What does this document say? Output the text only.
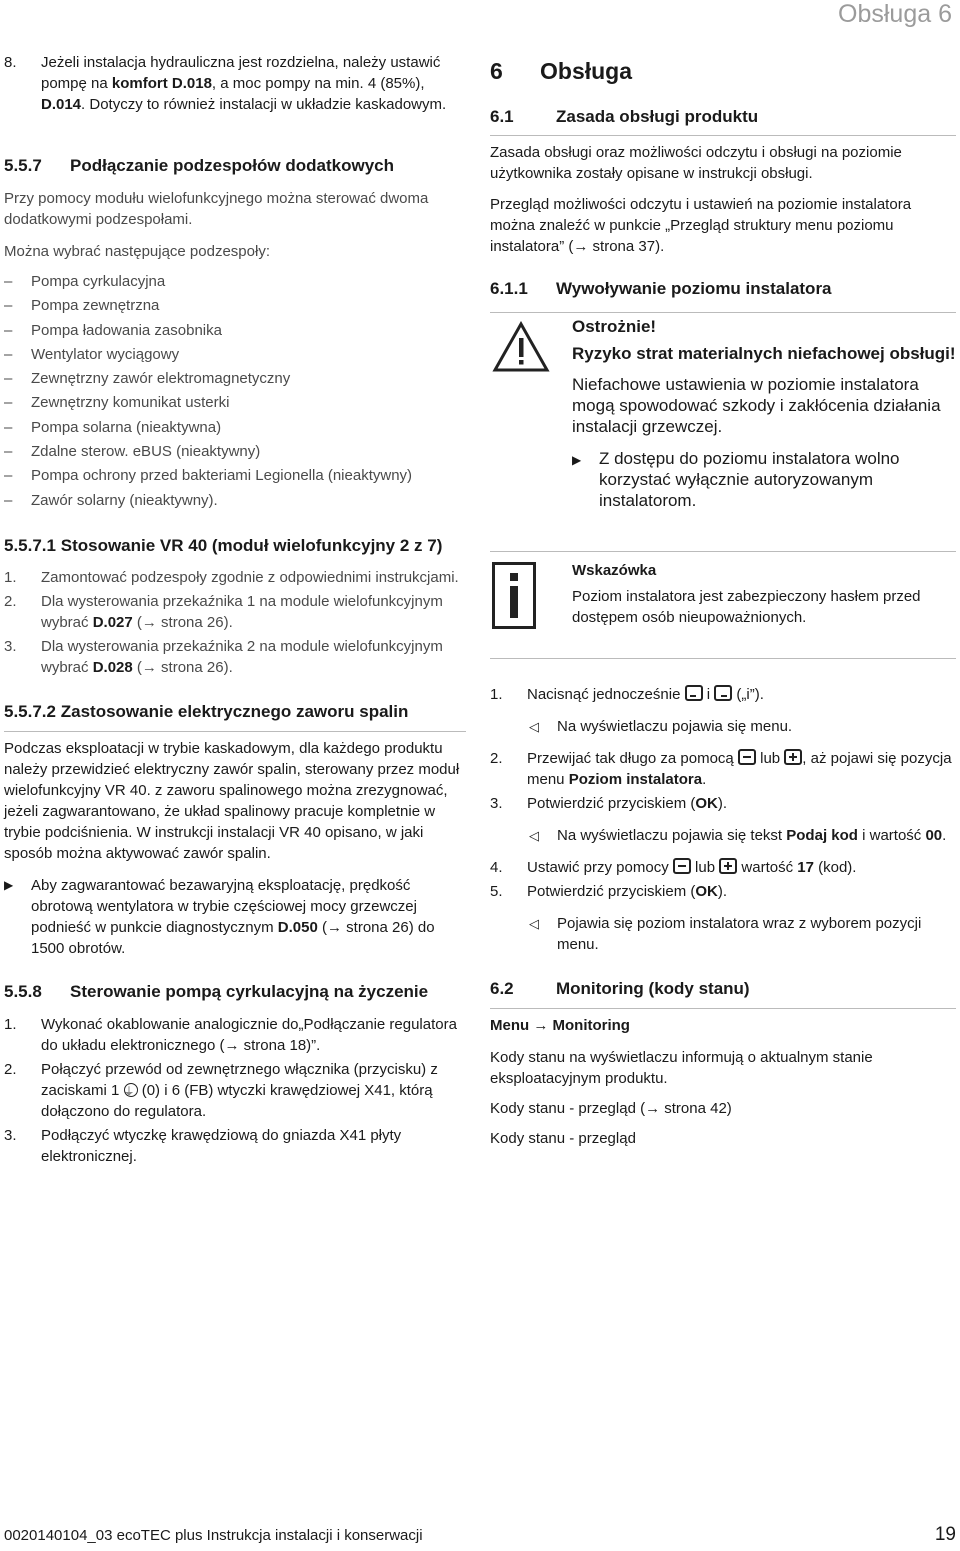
Obsługa 6
8. Jeżeli instalacja hydrauliczna jest rozdzielna, należy ustawić pompę na komfort D.018, a moc pompy na min. 4 (85%), D.014. Dotyczy to również instalacji w układzie kaskadowym.
5.5.7 Podłączanie podzespołów dodatkowych

Przy pomocy modułu wielofunkcyjnego można sterować dwoma dodatkowymi podzespołami.

Można wybrać następujące podzespoły:

– Pompa cyrkulacyjna
– Pompa zewnętrzna
– Pompa ładowania zasobnika
– Wentylator wyciągowy
– Zewnętrzny zawór elektromagnetyczny
– Zewnętrzny komunikat usterki
– Pompa solarna (nieaktywna)
– Zdalne sterow. eBUS (nieaktywny)
– Pompa ochrony przed bakteriami Legionella (nieaktywny)
– Zawór solarny (nieaktywny).
5.5.7.1 Stosowanie VR 40 (moduł wielofunkcyjny 2 z 7)
1. Zamontować podzespoły zgodnie z odpowiednimi instrukcjami.
2. Dla wysterowania przekaźnika 1 na module wielofunkcyjnym wybrać D.027 (→ strona 26).
3. Dla wysterowania przekaźnika 2 na module wielofunkcyjnym wybrać D.028 (→ strona 26).
5.5.7.2 Zastosowanie elektrycznego zaworu spalin

Podczas eksploatacji w trybie kaskadowym, dla każdego produktu należy przewidzieć elektryczny zawór spalin, sterowany przez moduł wielofunkcyjny VR 40. z zaworu spalinowego można zrezygnować, jeżeli zagwarantowano, że układ spalinowy pracuje kompletnie w trybie podciśnienia. W instrukcji instalacji VR 40 opisano, w jaki sposób można aktywować zawór spalin.

▶ Aby zagwarantować bezawaryjną eksploatację, prędkość obrotową wentylatora w trybie częściowej mocy grzewczej podnieść w punkcie diagnostycznym D.050 (→ strona 26) do 1500 obrotów.
5.5.8 Sterowanie pompą cyrkulacyjną na życzenie
1. Wykonać okablowanie analogicznie do„Podłączanie regulatora do układu elektronicznego (→ strona 18)”.
2. Połączyć przewód od zewnętrznego włącznika (przycisku) z zaciskami 1 ⏚ (0) i 6 (FB) wtyczki krawędziowej X41, którą dołączono do regulatora.
3. Podłączyć wtyczkę krawędziową do gniazda X41 płyty elektronicznej.
6 Obsługa
6.1 Zasada obsługi produktu

Zasada obsługi oraz możliwości odczytu i obsługi na poziomie użytkownika zostały opisane w instrukcji obsługi.

Przegląd możliwości odczytu i ustawień na poziomie instalatora można znaleźć w punkcie „Przegląd struktury menu poziomu instalatora” (→ strona 37).

6.1.1 Wywoływanie poziomu instalatora

Ostrożnie!

Ryzyko strat materialnych niefachowej obsługi!

Niefachowe ustawienia w poziomie instalatora mogą spowodować szkody i zakłócenia działania instalacji grzewczej.

▶ Z dostępu do poziomu instalatora wolno korzystać wyłącznie autoryzowanym instalatorom.

Wskazówka

Poziom instalatora jest zabezpieczony hasłem przed dostępem osób nieupoważnionych.

1. Nacisnąć jednocześnie  i  („i”).
◁ Na wyświetlaczu pojawia się menu.
2. Przewijać tak długo za pomocą  lub , aż pojawi się pozycja menu Poziom instalatora.
3. Potwierdzić przyciskiem (OK).
◁ Na wyświetlaczu pojawia się tekst Podaj kod i wartość 00.
4. Ustawić przy pomocy  lub  wartość 17 (kod).
5. Potwierdzić przyciskiem (OK).
◁ Pojawia się poziom instalatora wraz z wyborem pozycji menu.
6.2 Monitoring (kody stanu)

Menu → Monitoring

Kody stanu na wyświetlaczu informują o aktualnym stanie eksploatacyjnym produktu.

Kody stanu - przegląd (→ strona 42)

Kody stanu - przegląd

0020140104_03 ecoTEC plus Instrukcja instalacji i konserwacji	19
